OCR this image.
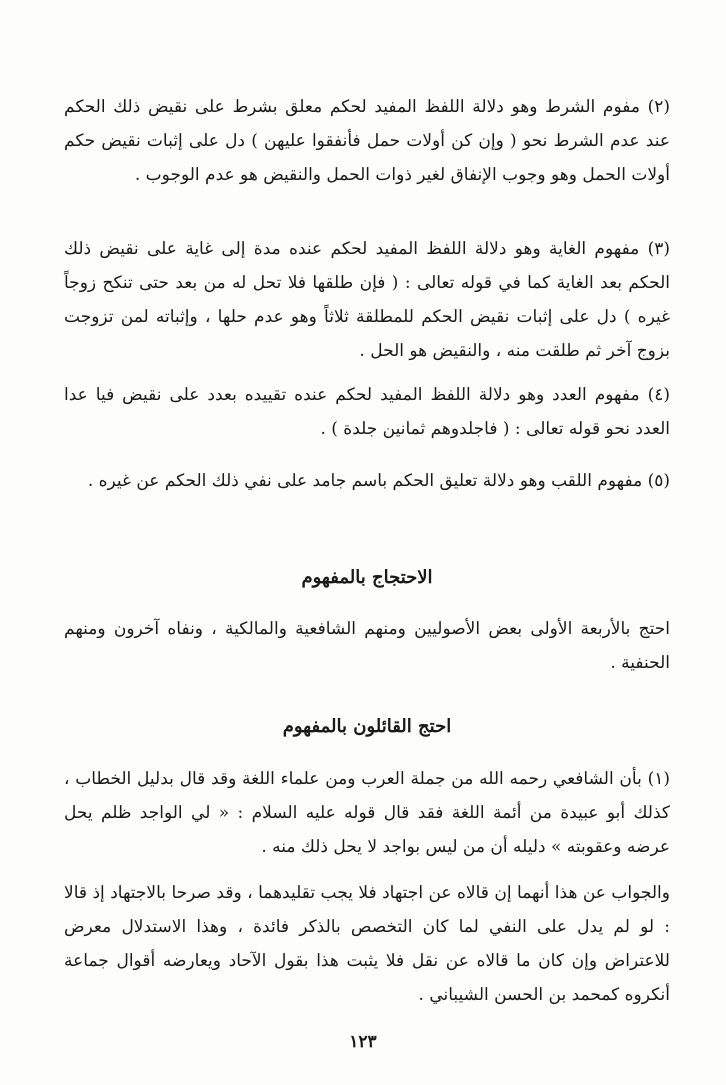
(٢) مفوم الشرط وهو دلالة اللفظ المفيد لحكم معلق بشرط على نقيض ذلك الحكم عند عدم الشرط نحو ( وإن كن أولات حمل فأنفقوا عليهن ) دل على إثبات نقيض حكم أولات الحمل وهو وجوب الإنفاق لغير ذوات الحمل والنقيض هو عدم الوجوب .

(٣) مفهوم الغاية وهو دلالة اللفظ المفيد لحكم عنده مدة إلى غاية على نقيض ذلك الحكم بعد الغاية كما في قوله تعالى : ( فإن طلقها فلا تحل له من بعد حتى تنكح زوجاً غيره ) دل على إثبات نقيض الحكم للمطلقة ثلاثاً وهو عدم حلها ، وإثباته لمن تزوجت بزوج آخر ثم طلقت منه ، والنقيض هو الحل .

(٤) مفهوم العدد وهو دلالة اللفظ المفيد لحكم عنده تقييده بعدد على نقيض فيا عدا العدد نحو قوله تعالى : ( فاجلدوهم ثمانين جلدة ) .

(٥) مفهوم اللقب وهو دلالة تعليق الحكم باسم جامد على نفي ذلك الحكم عن غيره .

الاحتجاج بالمفهوم

احتج بالأربعة الأولى بعض الأصوليين ومنهم الشافعية والمالكية ، ونفاه آخرون ومنهم الحنفية .

احتج القائلون بالمفهوم

(١) بأن الشافعي رحمه الله من جملة العرب ومن علماء اللغة وقد قال بدليل الخطاب ، كذلك أبو عبيدة من أئمة اللغة فقد قال قوله عليه السلام : « لي الواجد ظلم يحل عرضه وعقوبته » دليله أن من ليس بواجد لا يحل ذلك منه .

والجواب عن هذا أنهما إن قالاه عن اجتهاد فلا يجب تقليدهما ، وقد صرحا بالاجتهاد إذ قالا : لو لم يدل على النفي لما كان التخصص بالذكر فائدة ، وهذا الاستدلال معرض للاعتراض وإن كان ما قالاه عن نقل فلا يثبت هذا بقول الآحاد ويعارضه أقوال جماعة أنكروه كمحمد بن الحسن الشيباني .

١٢٣
